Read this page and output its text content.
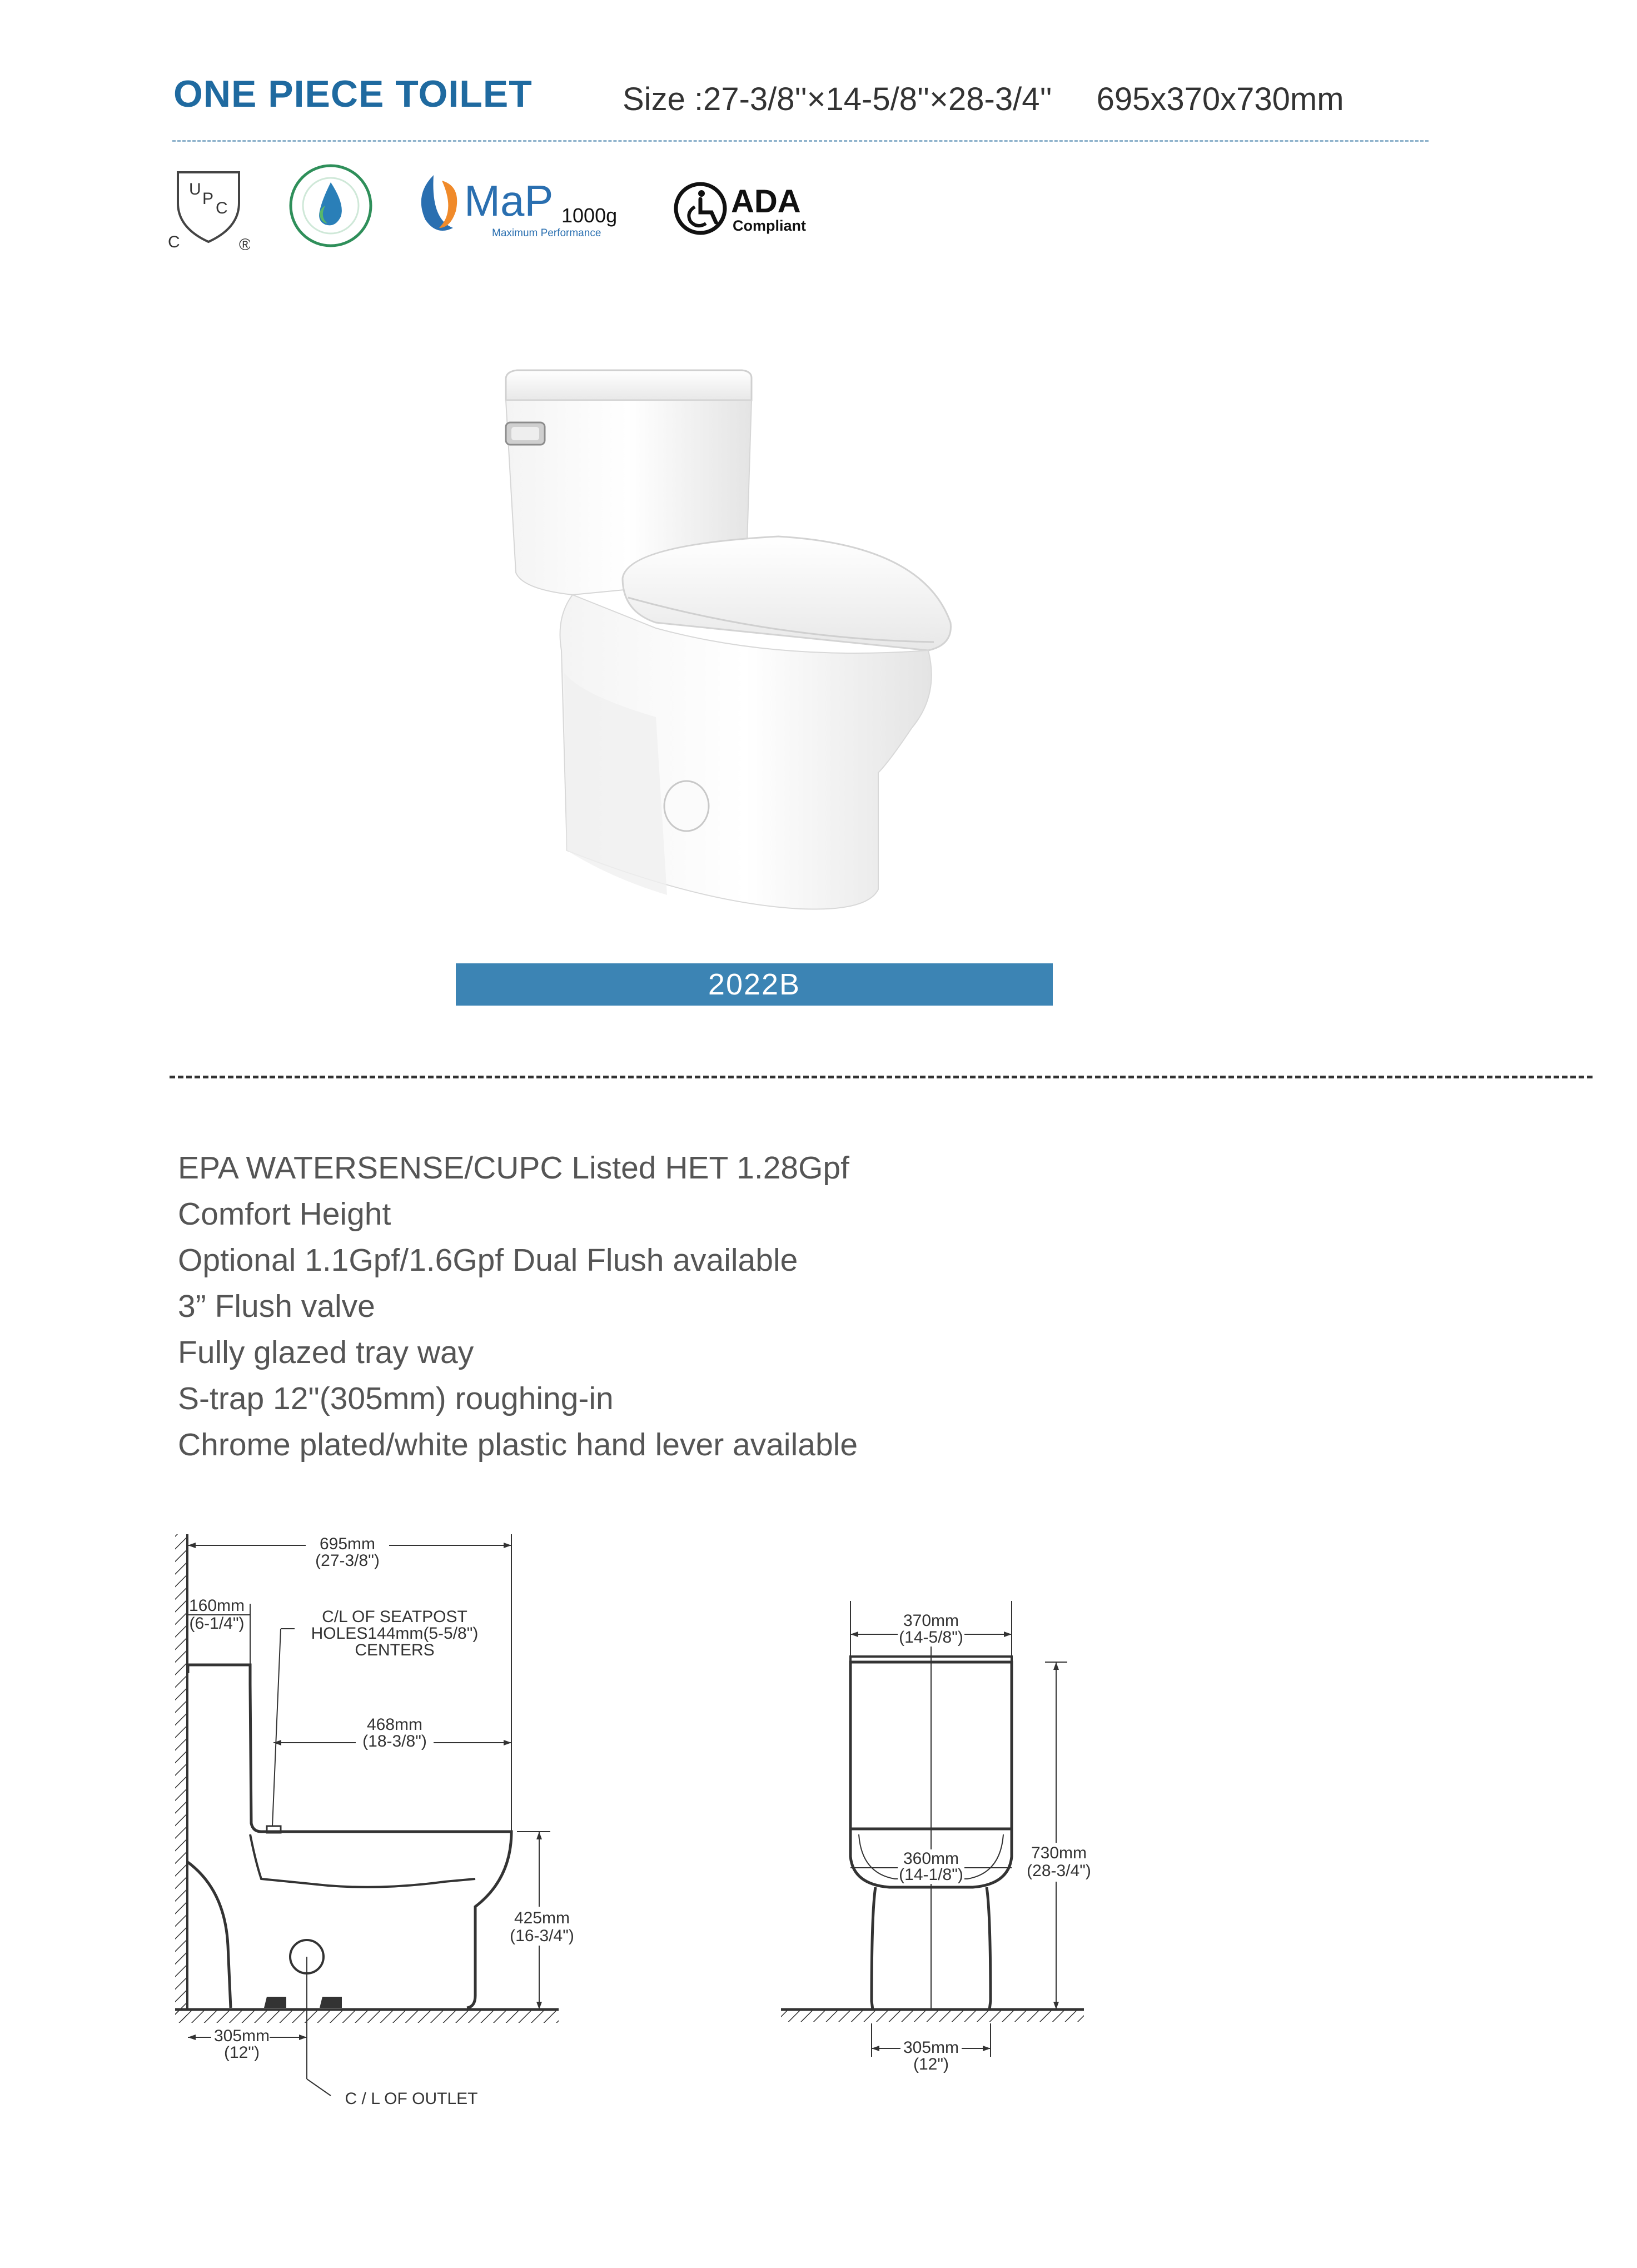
ONE PIECE TOILET	Size :27-3/8''×14-5/8''×28-3/4'' 695x370x730mm
U
P
C
C	®
MaP 1000g
Maximum Performance
ADA
Compliant
2022B
EPA WATERSENSE/CUPC Listed HET 1.28Gpf
Comfort Height
Optional 1.1Gpf/1.6Gpf Dual Flush available
3” Flush valve
Fully glazed tray way
S-trap 12"(305mm) roughing-in
Chrome plated/white plastic hand lever available
695mm
(27-3/8")
160mm
(6-1/4")	C/L OF SEATPOST
HOLES144mm(5-5/8")
CENTERS
468mm
(18-3/8")
425mm
(16-3/4")
305mm
(12")
C / L OF OUTLET
370mm
(14-5/8")
730mm
(28-3/4")
360mm
(14-1/8")
305mm
(12")
